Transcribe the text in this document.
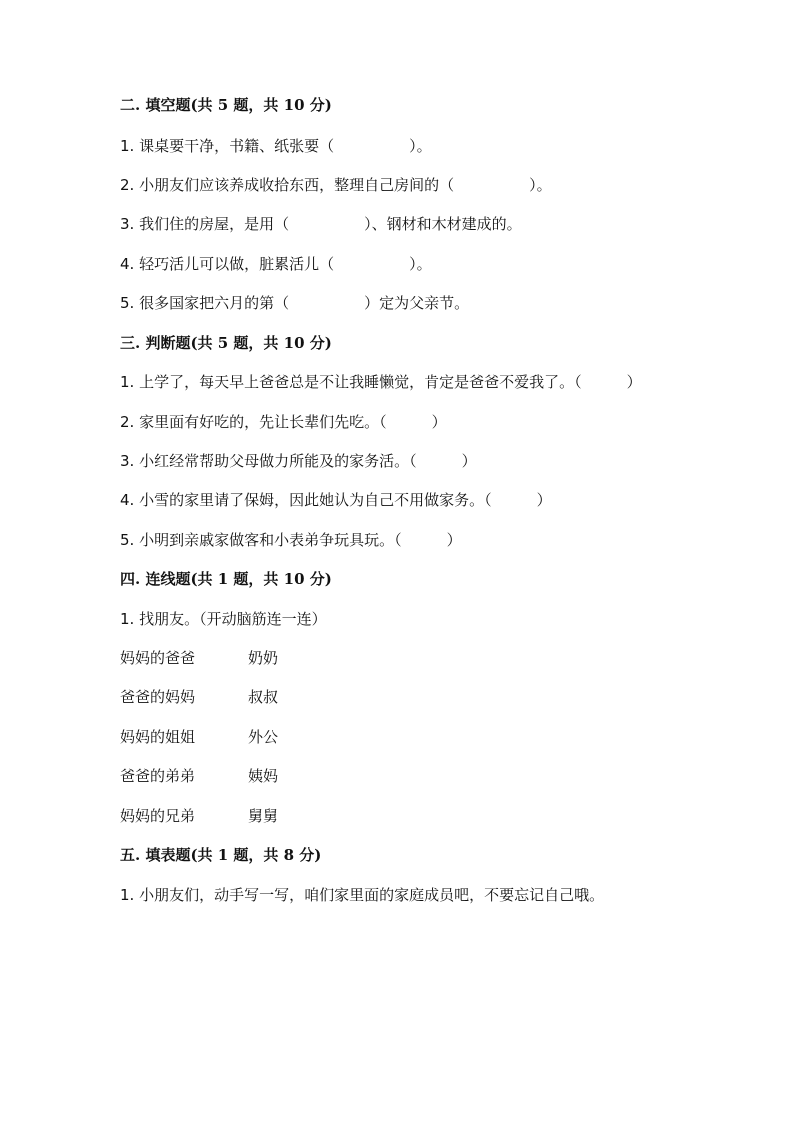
二. 填空题(共 5 题，共 10 分)
1. 课桌要干净，书籍、纸张要（　　　　　）。
2. 小朋友们应该养成收拾东西，整理自己房间的（　　　　　）。
3. 我们住的房屋，是用（　　　　　）、钢材和木材建成的。
4. 轻巧活儿可以做，脏累活儿（　　　　　）。
5. 很多国家把六月的第（　　　　　）定为父亲节。
三. 判断题(共 5 题，共 10 分)
1. 上学了，每天早上爸爸总是不让我睡懒觉，肯定是爸爸不爱我了。（　　　）
2. 家里面有好吃的，先让长辈们先吃。（　　　）
3. 小红经常帮助父母做力所能及的家务活。（　　　）
4. 小雪的家里请了保姆，因此她认为自己不用做家务。（　　　）
5. 小明到亲戚家做客和小表弟争玩具玩。（　　　）
四. 连线题(共 1 题，共 10 分)
1. 找朋友。（开动脑筋连一连）
妈妈的爸爸	奶奶
爸爸的妈妈	叔叔
妈妈的姐姐	外公
爸爸的弟弟	姨妈
妈妈的兄弟	舅舅
五. 填表题(共 1 题，共 8 分)
1. 小朋友们，动手写一写，咱们家里面的家庭成员吧，不要忘记自己哦。
